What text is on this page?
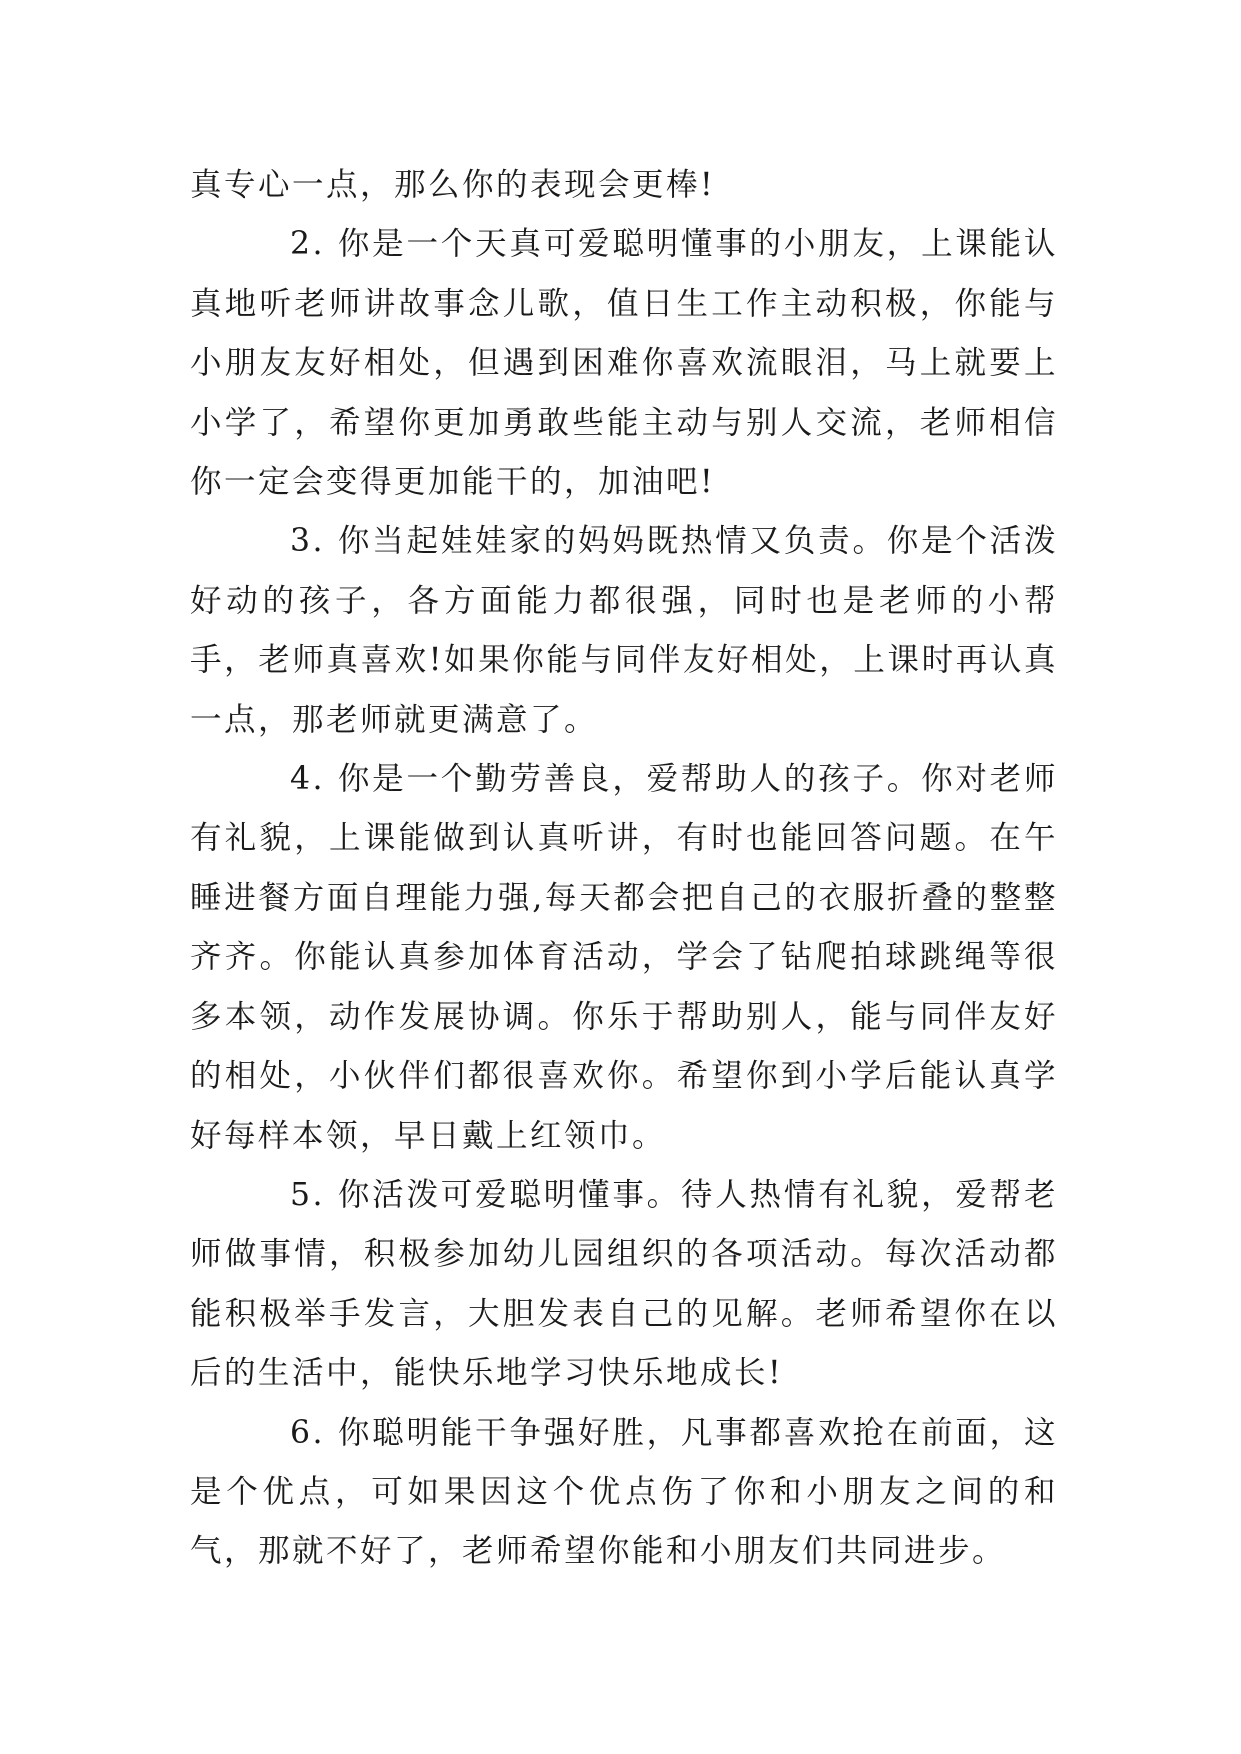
真专心一点，那么你的表现会更棒!

2. 你是一个天真可爱聪明懂事的小朋友，上课能认真地听老师讲故事念儿歌，值日生工作主动积极，你能与小朋友友好相处，但遇到困难你喜欢流眼泪，马上就要上小学了，希望你更加勇敢些能主动与别人交流，老师相信你一定会变得更加能干的，加油吧!

3. 你当起娃娃家的妈妈既热情又负责。你是个活泼好动的孩子，各方面能力都很强，同时也是老师的小帮手，老师真喜欢!如果你能与同伴友好相处，上课时再认真一点，那老师就更满意了。

4. 你是一个勤劳善良，爱帮助人的孩子。你对老师有礼貌，上课能做到认真听讲，有时也能回答问题。在午睡进餐方面自理能力强,每天都会把自己的衣服折叠的整整齐齐。你能认真参加体育活动，学会了钻爬拍球跳绳等很多本领，动作发展协调。你乐于帮助别人，能与同伴友好的相处，小伙伴们都很喜欢你。希望你到小学后能认真学好每样本领，早日戴上红领巾。

5. 你活泼可爱聪明懂事。待人热情有礼貌，爱帮老师做事情，积极参加幼儿园组织的各项活动。每次活动都能积极举手发言，大胆发表自己的见解。老师希望你在以后的生活中，能快乐地学习快乐地成长!

6. 你聪明能干争强好胜，凡事都喜欢抢在前面，这是个优点，可如果因这个优点伤了你和小朋友之间的和气，那就不好了，老师希望你能和小朋友们共同进步。
